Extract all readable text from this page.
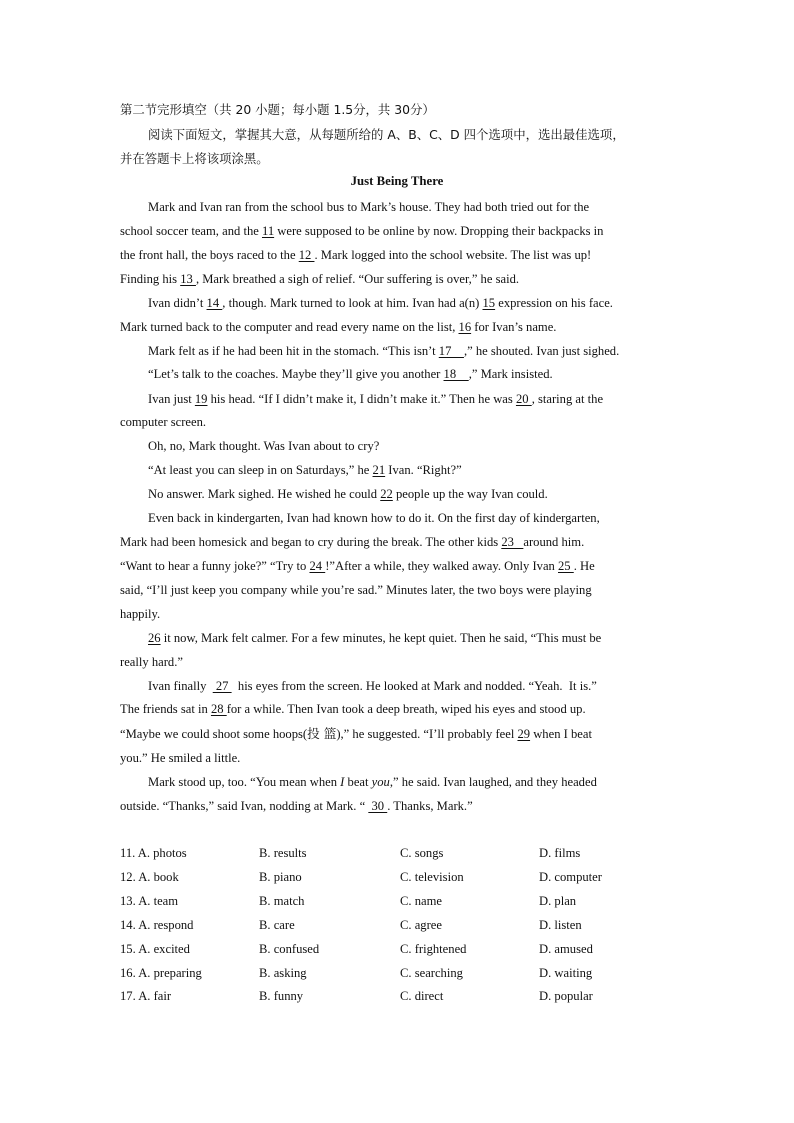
第二节完形填空（共 20 小题；每小题 1.5分，共 30分）
阅读下面短文，掌握其大意，从每题所给的 A、B、C、D 四个选项中，选出最佳选项，
并在答题卡上将该项涂黑。
Just Being There
Mark and Ivan ran from the school bus to Mark’s house. They had both tried out for the
school soccer team, and the 11 were supposed to be online by now. Dropping their backpacks in
the front hall, the boys raced to the 12 . Mark logged into the school website. The list was up!
Finding his 13 , Mark breathed a sigh of relief. “Our suffering is over,” he said.
Ivan didn’t 14 , though. Mark turned to look at him. Ivan had a(n) 15 expression on his face.
Mark turned back to the computer and read every name on the list, 16 for Ivan’s name.
Mark felt as if he had been hit in the stomach. “This isn’t 17    ,” he shouted. Ivan just sighed.
“Let’s talk to the coaches. Maybe they’ll give you another 18    ,” Mark insisted.
Ivan just 19 his head. “If I didn’t make it, I didn’t make it.” Then he was 20 , staring at the
computer screen.
Oh, no, Mark thought. Was Ivan about to cry?
“At least you can sleep in on Saturdays,” he 21 Ivan. “Right?”
No answer. Mark sighed. He wished he could 22 people up the way Ivan could.
Even back in kindergarten, Ivan had known how to do it. On the first day of kindergarten,
Mark had been homesick and began to cry during the break. The other kids 23   around him.
“Want to hear a funny joke?” “Try to 24 !”After a while, they walked away. Only Ivan 25 . He
said, “I’ll just keep you company while you’re sad.” Minutes later, the two boys were playing
happily.
26 it now, Mark felt calmer. For a few minutes, he kept quiet. Then he said, “This must be
really hard.”
Ivan finally   27   his eyes from the screen. He looked at Mark and nodded. “Yeah.  It is.”
The friends sat in 28 for a while. Then Ivan took a deep breath, wiped his eyes and stood up.
“Maybe we could shoot some hoops(投 篮),” he suggested. “I’ll probably feel 29 when I beat
you.” He smiled a little.
Mark stood up, too. “You mean when I beat you,” he said. Ivan laughed, and they headed
outside. “Thanks,” said Ivan, nodding at Mark. “  30 . Thanks, Mark.”
11. A. photos	B. results	C. songs	D. films
12. A. book	B. piano	C. television	D. computer
13. A. team	B. match	C. name	D. plan
14. A. respond	B. care	C. agree	D. listen
15. A. excited	B. confused	C. frightened	D. amused
16. A. preparing	B. asking	C. searching	D. waiting
17. A. fair	B. funny	C. direct	D. popular
